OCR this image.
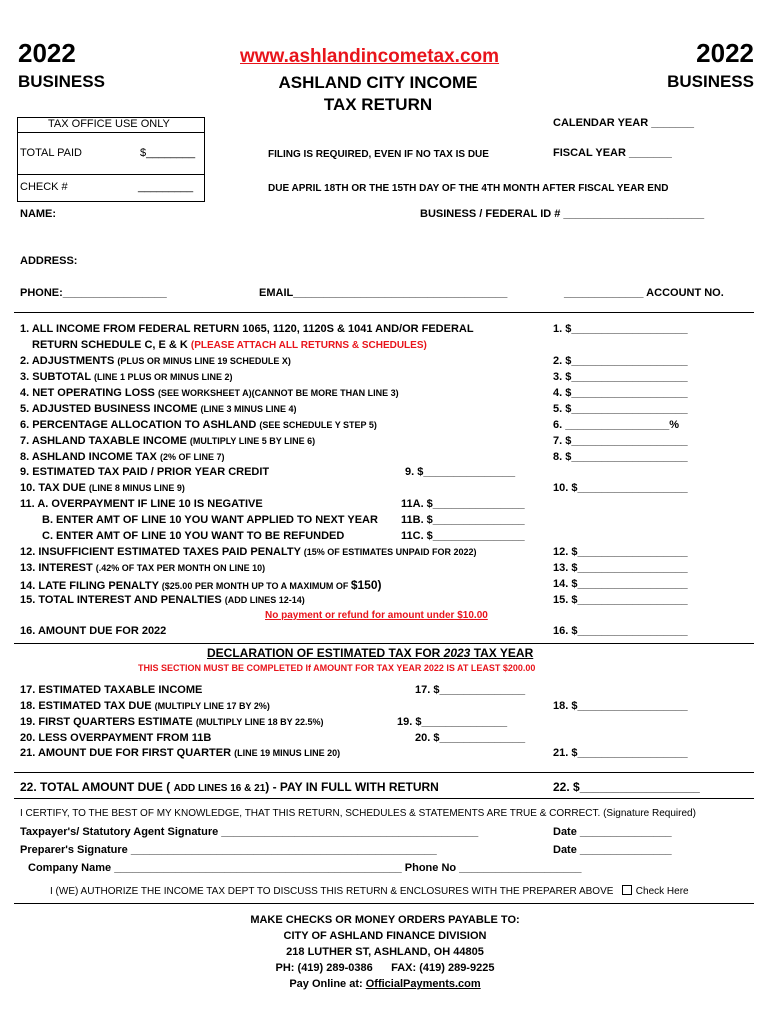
2022	2022
www.ashlandincometax.com
BUSINESS	BUSINESS
ASHLAND CITY INCOME
TAX RETURN
TAX OFFICE USE ONLY
TOTAL PAID	$________
CHECK #	_________
CALENDAR YEAR _______
FISCAL YEAR _______
FILING IS REQUIRED, EVEN IF NO TAX IS DUE
DUE APRIL 18TH OR THE 15TH DAY OF THE 4TH MONTH AFTER FISCAL YEAR END
NAME:	BUSINESS / FEDERAL ID # _______________________
ADDRESS:
PHONE:_________________	EMAIL___________________________________	_____________ ACCOUNT NO.
1. ALL INCOME FROM FEDERAL RETURN 1065, 1120, 1120S & 1041 AND/OR FEDERAL	1. $___________________
RETURN SCHEDULE C, E & K (PLEASE ATTACH ALL RETURNS & SCHEDULES)
2. ADJUSTMENTS (PLUS OR MINUS LINE 19 SCHEDULE X)	2. $___________________
3. SUBTOTAL (LINE 1 PLUS OR MINUS LINE 2)	3. $___________________
4. NET OPERATING LOSS (SEE WORKSHEET A)(CANNOT BE MORE THAN LINE 3)	4. $___________________
5. ADJUSTED BUSINESS INCOME (LINE 3 MINUS LINE 4)	5. $___________________
6. PERCENTAGE ALLOCATION TO ASHLAND (SEE SCHEDULE Y STEP 5)	6. _________________%
7. ASHLAND TAXABLE INCOME (MULTIPLY LINE 5 BY LINE 6)	7. $___________________
8. ASHLAND INCOME TAX (2% OF LINE 7)	8. $___________________
9. ESTIMATED TAX PAID / PRIOR YEAR CREDIT	9. $_______________
10. TAX DUE (LINE 8 MINUS LINE 9)	10. $__________________
11. A. OVERPAYMENT IF LINE 10 IS NEGATIVE	11A. $_______________
B. ENTER AMT OF LINE 10 YOU WANT APPLIED TO NEXT YEAR 11B. $_______________
C. ENTER AMT OF LINE 10 YOU WANT TO BE REFUNDED	11C. $_______________
12. INSUFFICIENT ESTIMATED TAXES PAID PENALTY (15% OF ESTIMATES UNPAID FOR 2022)	12. $__________________
13. INTEREST (.42% OF TAX PER MONTH ON LINE 10)	13. $__________________
14. LATE FILING PENALTY ($25.00 PER MONTH UP TO A MAXIMUM OF $150)	14. $__________________
15. TOTAL INTEREST AND PENALTIES (ADD LINES 12-14)	15. $__________________
No payment or refund for amount under $10.00
16. AMOUNT DUE FOR 2022	16. $__________________
DECLARATION OF ESTIMATED TAX FOR 2023 TAX YEAR
THIS SECTION MUST BE COMPLETED If AMOUNT FOR TAX YEAR 2022 IS AT LEAST $200.00
17. ESTIMATED TAXABLE INCOME	17. $______________
18. ESTIMATED TAX DUE (MULTIPLY LINE 17 BY 2%)	18. $__________________
19. FIRST QUARTERS ESTIMATE (MULTIPLY LINE 18 BY 22.5%)	19. $______________
20. LESS OVERPAYMENT FROM 11B	20. $______________
21. AMOUNT DUE FOR FIRST QUARTER (LINE 19 MINUS LINE 20)	21. $__________________
22. TOTAL AMOUNT DUE ( ADD LINES 16 & 21) - PAY IN FULL WITH RETURN	22. $__________________
I CERTIFY, TO THE BEST OF MY KNOWLEDGE, THAT THIS RETURN, SCHEDULES & STATEMENTS ARE TRUE & CORRECT. (Signature Required)
Taxpayer's/ Statutory Agent Signature __________________________________________	Date _______________
Preparer's Signature __________________________________________________	Date _______________
Company Name _______________________________________________ Phone No ____________________
I (WE) AUTHORIZE THE INCOME TAX DEPT TO DISCUSS THIS RETURN & ENCLOSURES WITH THE PREPARER ABOVE Check Here
MAKE CHECKS OR MONEY ORDERS PAYABLE TO:
CITY OF ASHLAND FINANCE DIVISION
218 LUTHER ST, ASHLAND, OH 44805
PH: (419) 289-0386 FAX: (419) 289-9225
Pay Online at: OfficialPayments.com
